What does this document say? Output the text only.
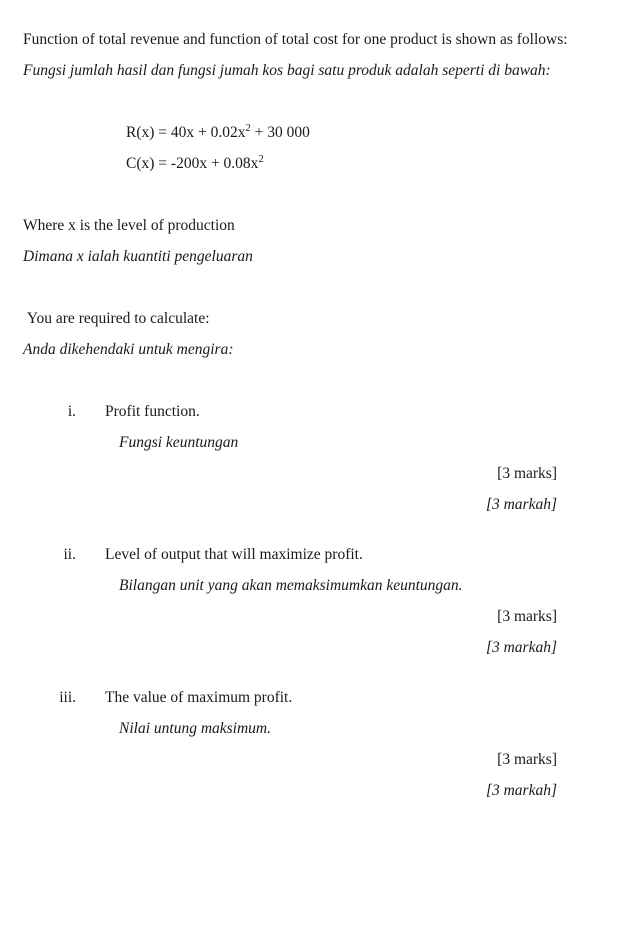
Function of total revenue and function of total cost for one product is shown as follows:

Fungsi jumlah hasil dan fungsi jumah kos bagi satu produk adalah seperti di bawah:

$R(x) = 40x + 0.02x^2 + 30$ 000
$C(x) = -200x + 0.08x^2$

Where x is the level of production

Dimana x ialah kuantiti pengeluaran

You are required to calculate:

Anda dikehendaki untuk mengira:

i. Profit function.
Fungsi keuntungan
[3 marks]
[3 markah]
ii. Level of output that will maximize profit.
Bilangan unit yang akan memaksimumkan keuntungan.
[3 marks]
[3 markah]
iii. The value of maximum profit.
Nilai untung maksimum.
[3 marks]
[3 markah]
